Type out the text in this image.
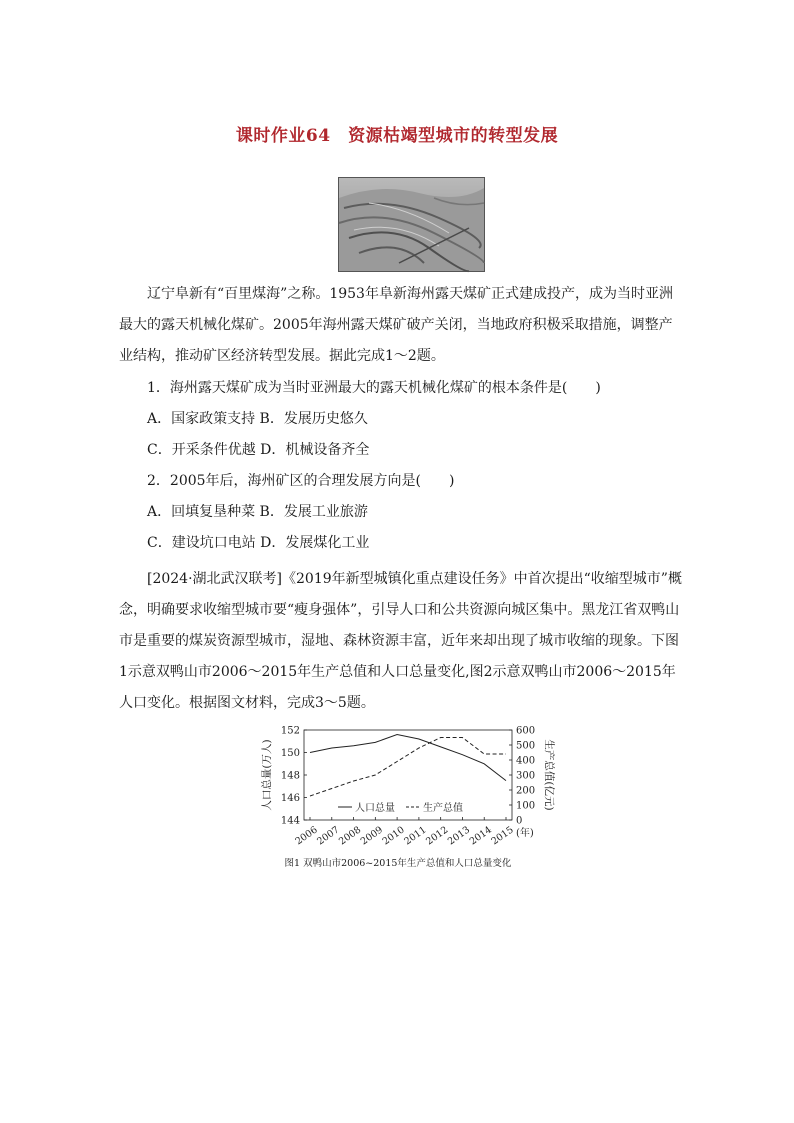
课时作业64　资源枯竭型城市的转型发展

辽宁阜新有“百里煤海”之称。1953年阜新海州露天煤矿正式建成投产，成为当时亚洲最大的露天机械化煤矿。2005年海州露天煤矿破产关闭，当地政府积极采取措施，调整产业结构，推动矿区经济转型发展。据此完成1～2题。

1．海州露天煤矿成为当时亚洲最大的露天机械化煤矿的根本条件是(　　)
A．国家政策支持 B．发展历史悠久
C．开采条件优越 D．机械设备齐全
2．2005年后，海州矿区的合理发展方向是(　　)
A．回填复垦种菜 B．发展工业旅游
C．建设坑口电站 D．发展煤化工业

[2024·湖北武汉联考]《2019年新型城镇化重点建设任务》中首次提出“收缩型城市”概念，明确要求收缩型城市要“瘦身强体”，引导人口和公共资源向城区集中。黑龙江省双鸭山市是重要的煤炭资源型城市，湿地、森林资源丰富，近年来却出现了城市收缩的现象。下图1示意双鸭山市2006～2015年生产总值和人口总量变化,图2示意双鸭山市2006～2015年人口变化。根据图文材料，完成3～5题。

144
146
148
150
152
0
100
200
300
400
500
600
2006
2007
2008
2009
2010
2011
2012
2013
2014
2015 (年)
人口总量(万人)	生产总值(亿元)
人口总量	生产总值
图1 双鸭山市2006~2015年生产总值和人口总量变化
